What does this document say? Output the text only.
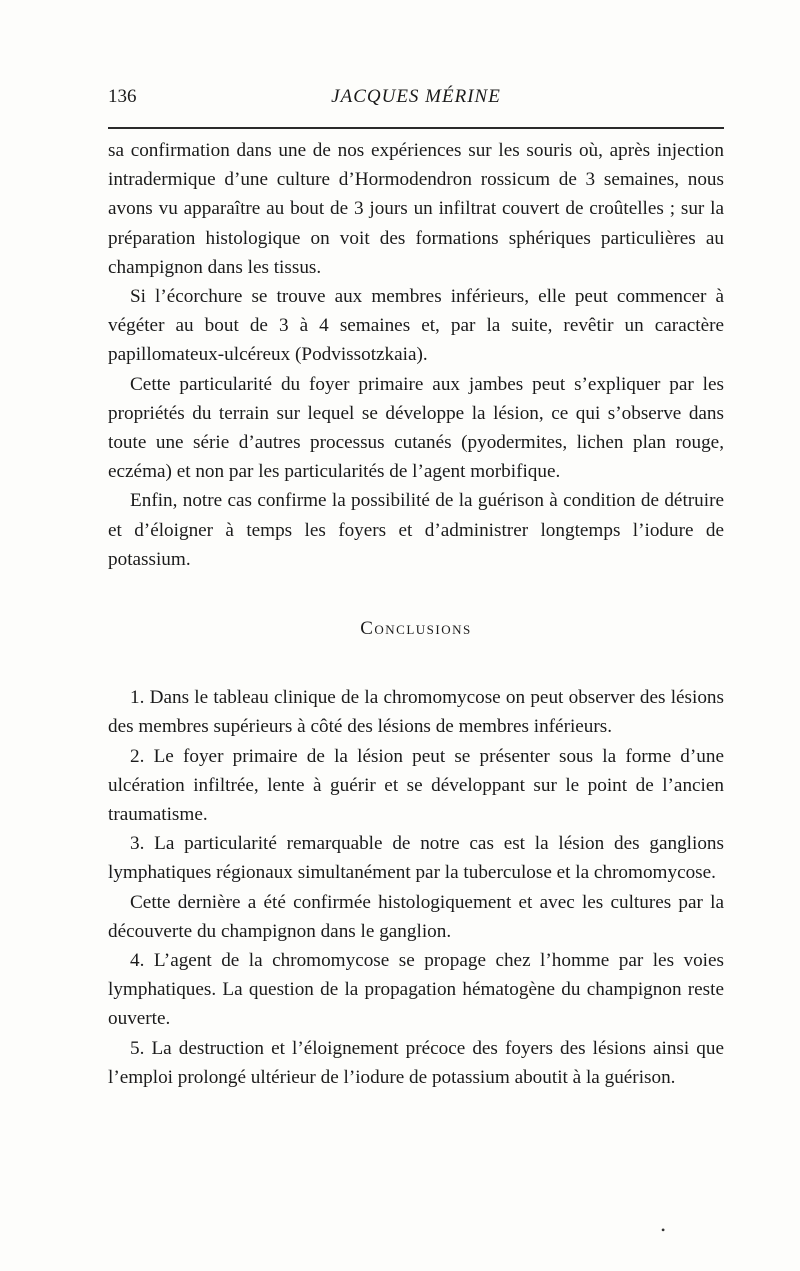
136	JACQUES MÉRINE

sa confirmation dans une de nos expériences sur les souris où, après injection intradermique d’une culture d’Hormodendron rossicum de 3 semaines, nous avons vu apparaître au bout de 3 jours un infiltrat couvert de croûtelles ; sur la préparation histologique on voit des formations sphériques particulières au champignon dans les tissus.

Si l’écorchure se trouve aux membres inférieurs, elle peut commencer à végéter au bout de 3 à 4 semaines et, par la suite, revêtir un caractère papillomateux-ulcéreux (Podvissotzkaia).

Cette particularité du foyer primaire aux jambes peut s’expliquer par les propriétés du terrain sur lequel se développe la lésion, ce qui s’observe dans toute une série d’autres processus cutanés (pyodermites, lichen plan rouge, eczéma) et non par les particularités de l’agent morbifique.

Enfin, notre cas confirme la possibilité de la guérison à condition de détruire et d’éloigner à temps les foyers et d’administrer longtemps l’iodure de potassium.

Conclusions

1. Dans le tableau clinique de la chromomycose on peut observer des lésions des membres supérieurs à côté des lésions de membres inférieurs.

2. Le foyer primaire de la lésion peut se présenter sous la forme d’une ulcération infiltrée, lente à guérir et se développant sur le point de l’ancien traumatisme.

3. La particularité remarquable de notre cas est la lésion des ganglions lymphatiques régionaux simultanément par la tuberculose et la chromomycose.

Cette dernière a été confirmée histologiquement et avec les cultures par la découverte du champignon dans le ganglion.

4. L’agent de la chromomycose se propage chez l’homme par les voies lymphatiques. La question de la propagation hématogène du champignon reste ouverte.

5. La destruction et l’éloignement précoce des foyers des lésions ainsi que l’emploi prolongé ultérieur de l’iodure de potassium aboutit à la guérison.

•
